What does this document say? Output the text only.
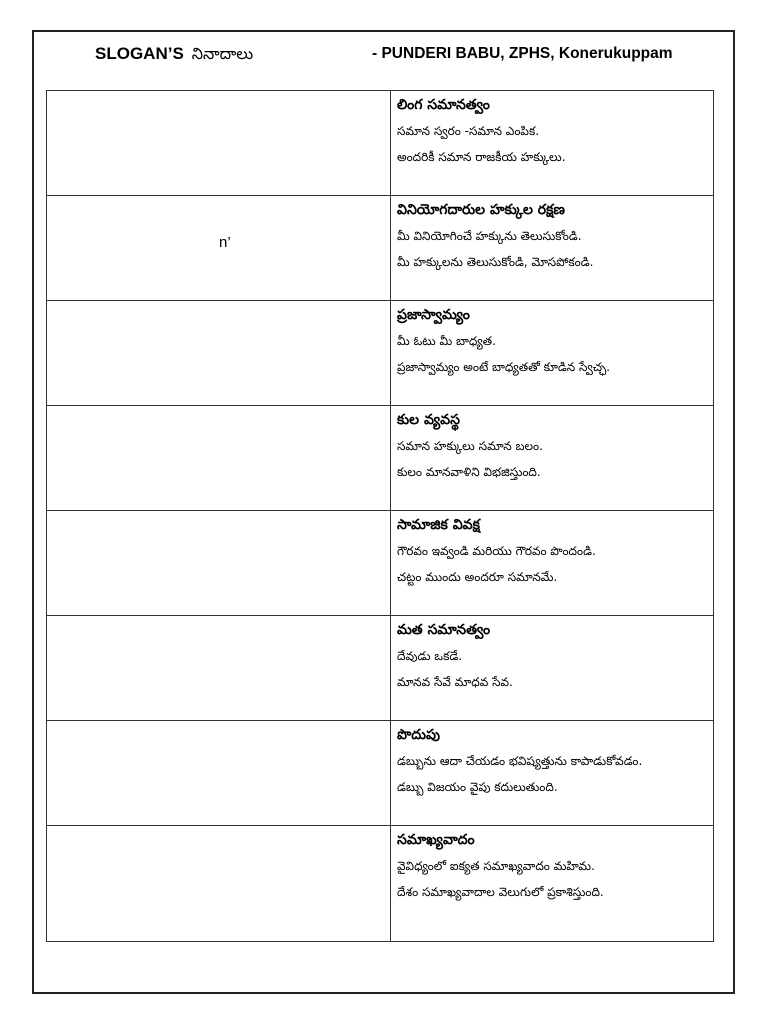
SLOGAN’S నినాదాలు	- PUNDERI BABU, ZPHS, Konerukuppam

	లింగ సమానత్వం
సమాన స్వరం -సమాన ఎంపిక.
అందరికీ సమాన రాజకీయ హక్కులు.

n’	వినియోగదారుల హక్కుల రక్షణ
మీ వినియోగించే హక్కును తెలుసుకోండి.
మీ హక్కులను తెలుసుకోండి, మోసపోకండి.

	ప్రజాస్వామ్యం
మీ ఓటు మీ బాధ్యత.
ప్రజాస్వామ్యం అంటే బాధ్యతతో కూడిన స్వేచ్ఛ.

	కుల వ్యవస్థ
సమాన హక్కులు సమాన బలం.
కులం మానవాళిని విభజిస్తుంది.

	సామాజిక వివక్ష
గౌరవం ఇవ్వండి మరియు గౌరవం పొందండి.
చట్టం ముందు అందరూ సమానమే.

	మత సమానత్వం
దేవుడు ఒకడే.
మానవ సేవే మాధవ సేవ.

	పొదుపు
డబ్బును ఆదా చేయడం భవిష్యత్తును కాపాడుకోవడం.
డబ్బు విజయం వైపు కదులుతుంది.

	సమాఖ్యవాదం
వైవిధ్యంలో ఐక్యత సమాఖ్యవాదం మహిమ.
దేశం సమాఖ్యవాదాల వెలుగులో ప్రకాశిస్తుంది.
